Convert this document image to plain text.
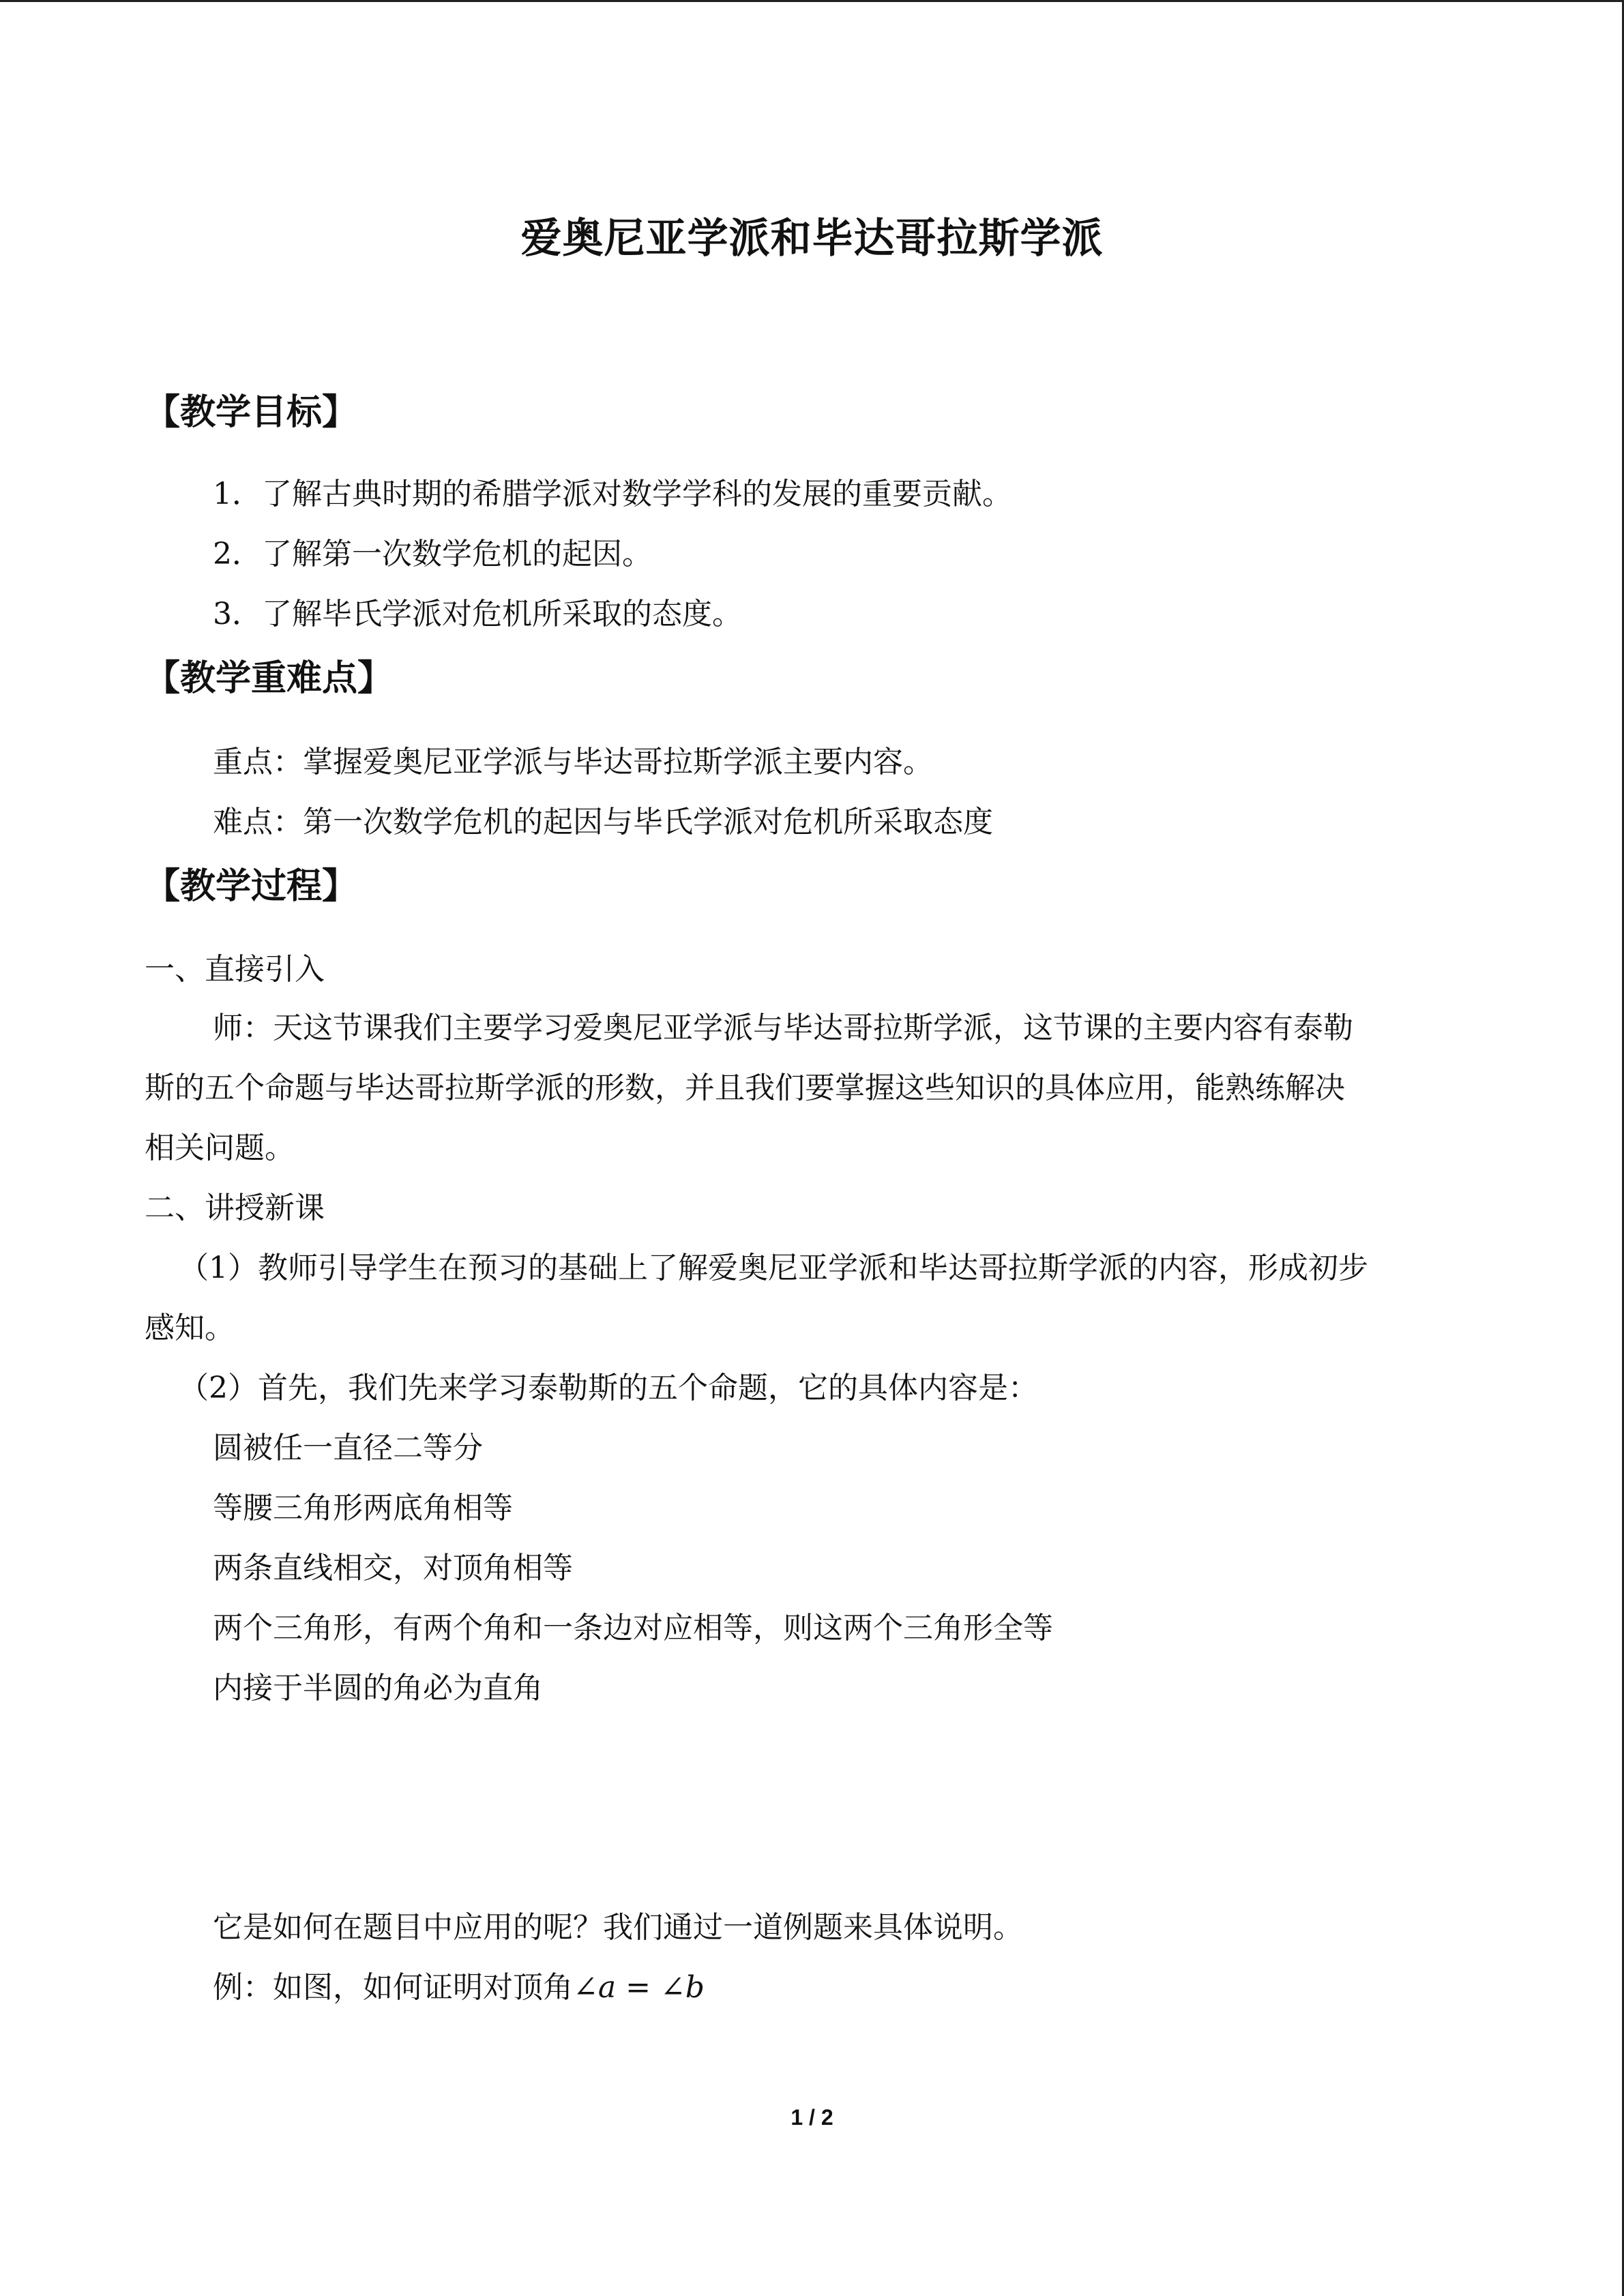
爱奥尼亚学派和毕达哥拉斯学派
【教学目标】
1．了解古典时期的希腊学派对数学学科的发展的重要贡献。
2．了解第一次数学危机的起因。
3．了解毕氏学派对危机所采取的态度。
【教学重难点】
重点：掌握爱奥尼亚学派与毕达哥拉斯学派主要内容。
难点：第一次数学危机的起因与毕氏学派对危机所采取态度
【教学过程】
一、直接引入
师：天这节课我们主要学习爱奥尼亚学派与毕达哥拉斯学派，这节课的主要内容有泰勒
斯的五个命题与毕达哥拉斯学派的形数，并且我们要掌握这些知识的具体应用，能熟练解决
相关问题。
二、讲授新课
（1）教师引导学生在预习的基础上了解爱奥尼亚学派和毕达哥拉斯学派的内容，形成初步
感知。
（2）首先，我们先来学习泰勒斯的五个命题，它的具体内容是：
圆被任一直径二等分
等腰三角形两底角相等
两条直线相交，对顶角相等
两个三角形，有两个角和一条边对应相等，则这两个三角形全等
内接于半圆的角必为直角
它是如何在题目中应用的呢？我们通过一道例题来具体说明。
例：如图，如何证明对顶角∠a = ∠b
1 / 2
